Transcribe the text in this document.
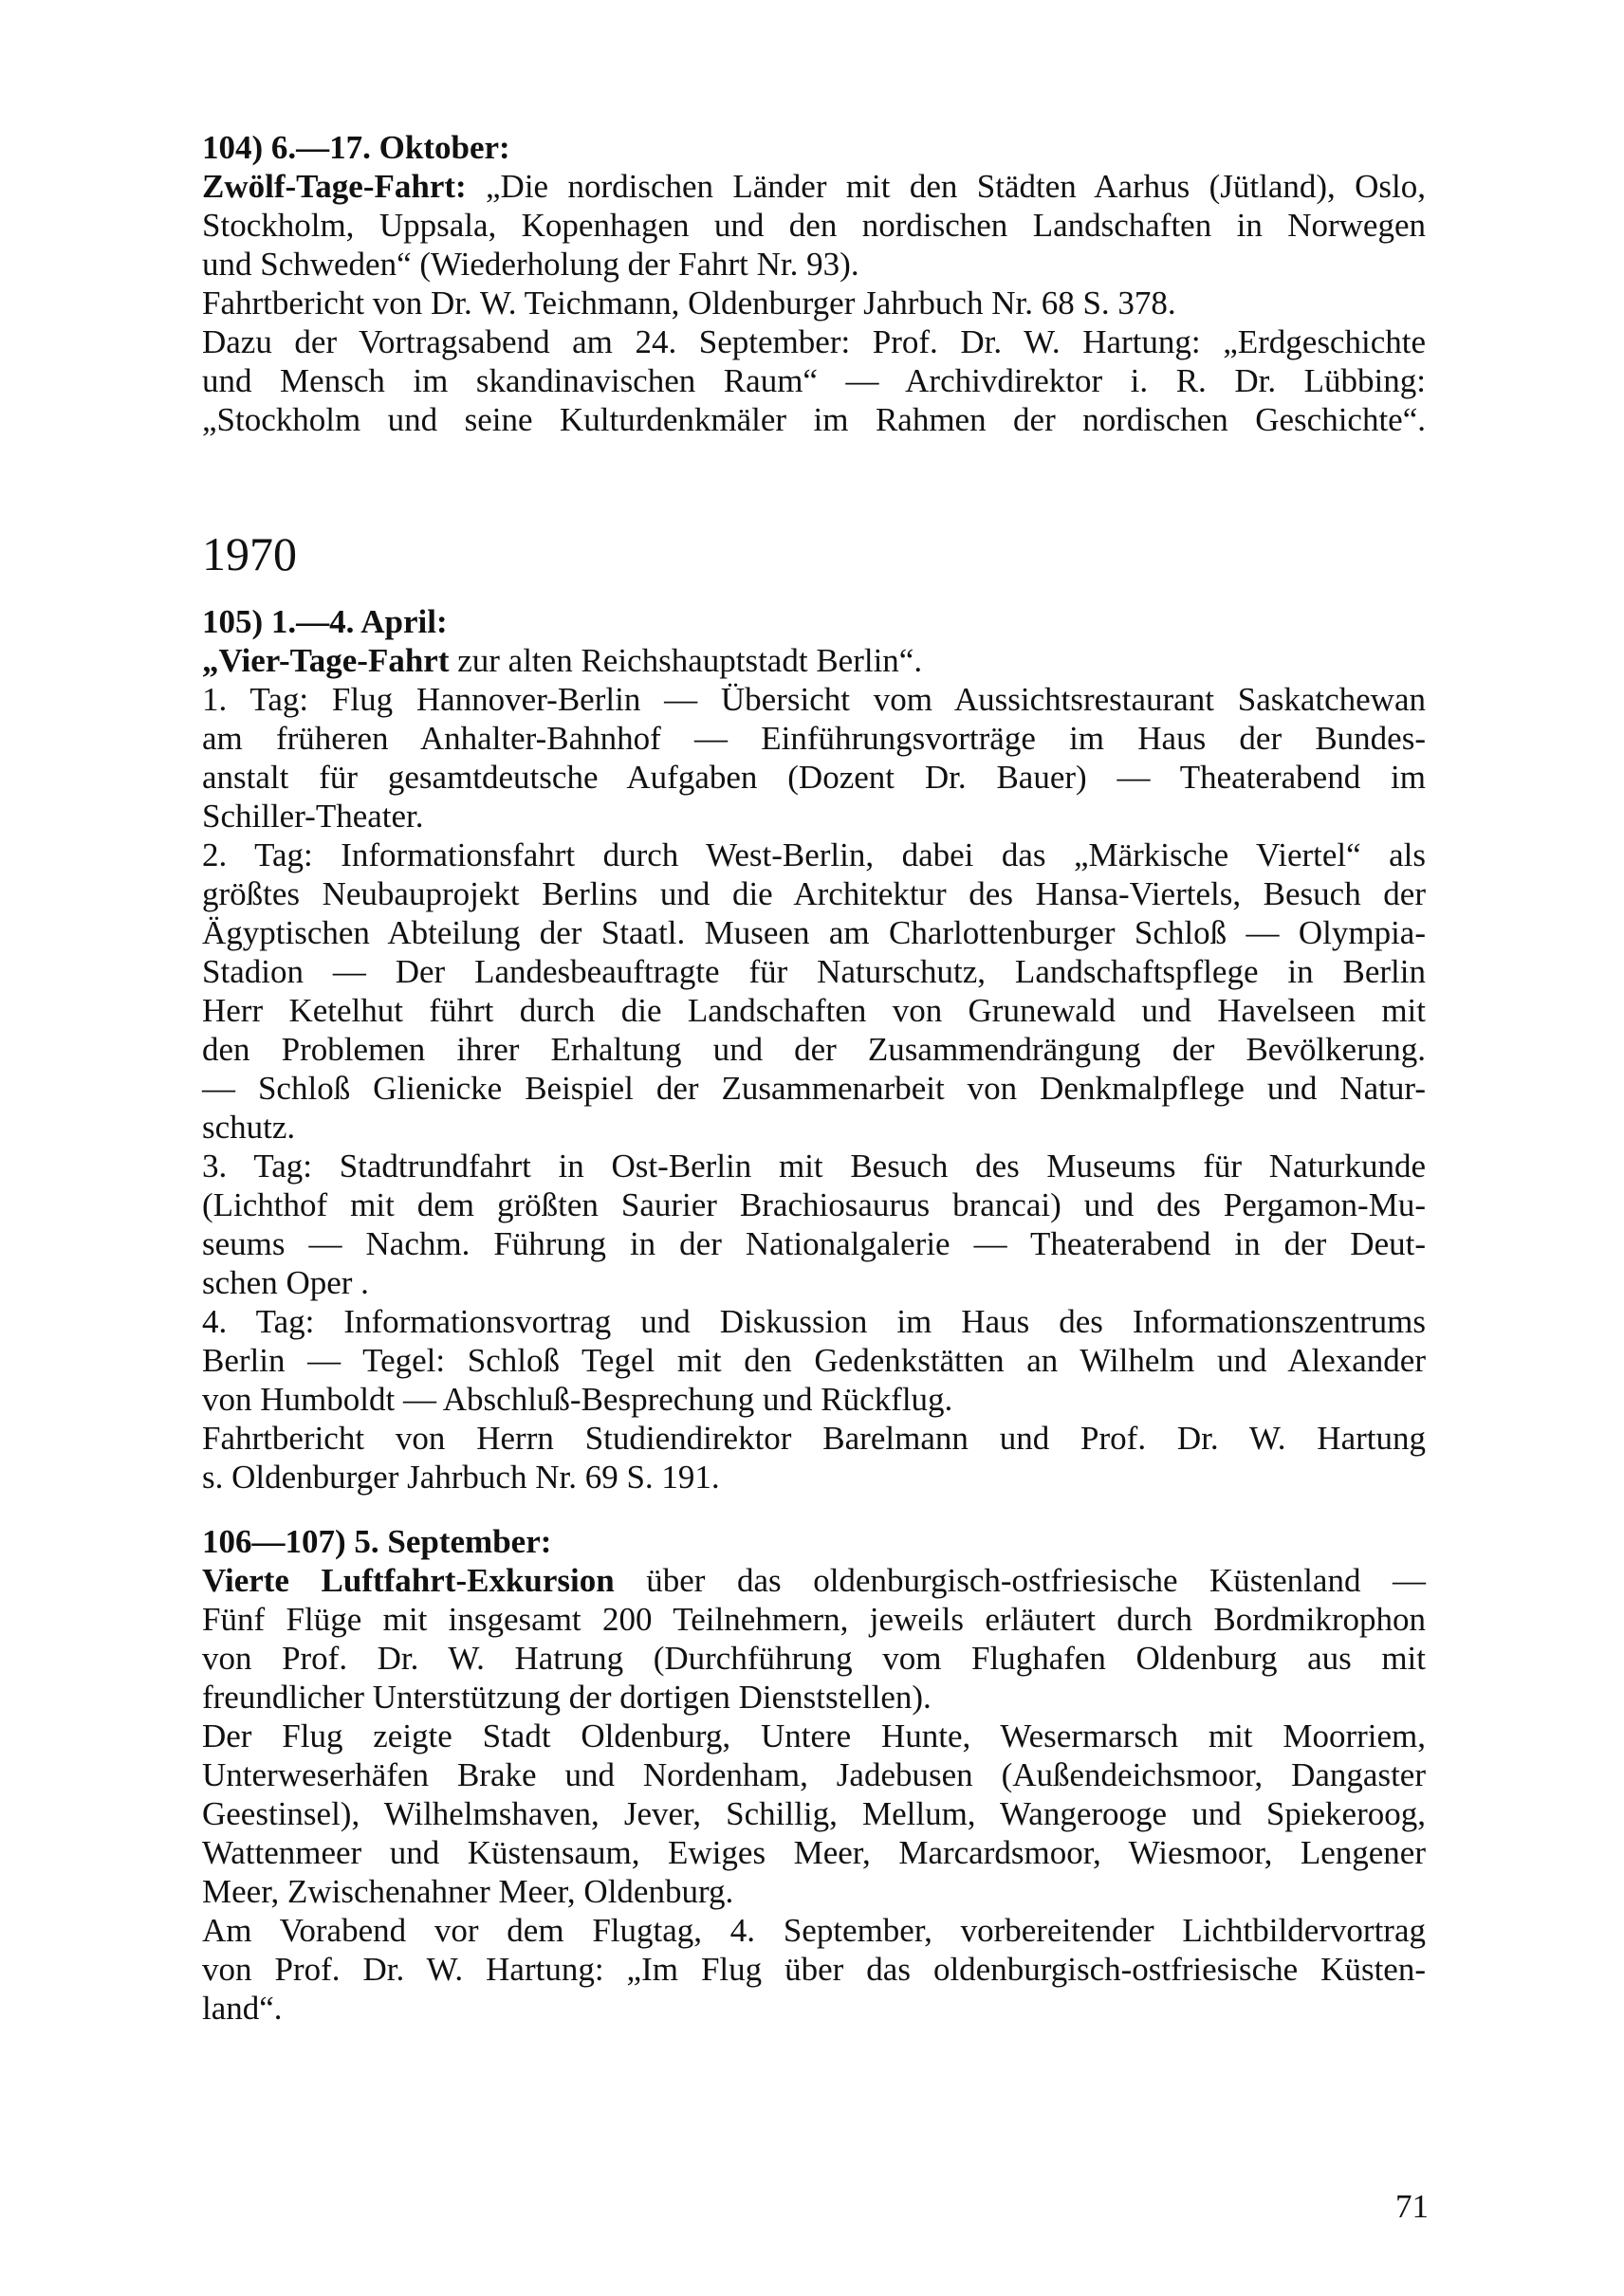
104) 6.—17. Oktober:
Zwölf-Tage-Fahrt: „Die nordischen Länder mit den Städten Aarhus (Jütland), Oslo,
Stockholm, Uppsala, Kopenhagen und den nordischen Landschaften in Norwegen
und Schweden“ (Wiederholung der Fahrt Nr. 93).
Fahrtbericht von Dr. W. Teichmann, Oldenburger Jahrbuch Nr. 68 S. 378.
Dazu der Vortragsabend am 24. September: Prof. Dr. W. Hartung: „Erdgeschichte
und Mensch im skandinavischen Raum“ — Archivdirektor i. R. Dr. Lübbing:
„Stockholm und seine Kulturdenkmäler im Rahmen der nordischen Geschichte“.
1970
105) 1.—4. April:
„Vier-Tage-Fahrt zur alten Reichshauptstadt Berlin“.
1. Tag: Flug Hannover-Berlin — Übersicht vom Aussichtsrestaurant Saskatchewan
am früheren Anhalter-Bahnhof — Einführungsvorträge im Haus der Bundes-
anstalt für gesamtdeutsche Aufgaben (Dozent Dr. Bauer) — Theaterabend im
Schiller-Theater.
2. Tag: Informationsfahrt durch West-Berlin, dabei das „Märkische Viertel“ als
größtes Neubauprojekt Berlins und die Architektur des Hansa-Viertels, Besuch der
Ägyptischen Abteilung der Staatl. Museen am Charlottenburger Schloß — Olympia-
Stadion — Der Landesbeauftragte für Naturschutz, Landschaftspflege in Berlin
Herr Ketelhut führt durch die Landschaften von Grunewald und Havelseen mit
den Problemen ihrer Erhaltung und der Zusammendrängung der Bevölkerung.
— Schloß Glienicke Beispiel der Zusammenarbeit von Denkmalpflege und Natur-
schutz.
3. Tag: Stadtrundfahrt in Ost-Berlin mit Besuch des Museums für Naturkunde
(Lichthof mit dem größten Saurier Brachiosaurus brancai) und des Pergamon-Mu-
seums — Nachm. Führung in der Nationalgalerie — Theaterabend in der Deut-
schen Oper .
4. Tag: Informationsvortrag und Diskussion im Haus des Informationszentrums
Berlin — Tegel: Schloß Tegel mit den Gedenkstätten an Wilhelm und Alexander
von Humboldt — Abschluß-Besprechung und Rückflug.
Fahrtbericht von Herrn Studiendirektor Barelmann und Prof. Dr. W. Hartung
s. Oldenburger Jahrbuch Nr. 69 S. 191.
106—107) 5. September:
Vierte Luftfahrt-Exkursion über das oldenburgisch-ostfriesische Küstenland —
Fünf Flüge mit insgesamt 200 Teilnehmern, jeweils erläutert durch Bordmikrophon
von Prof. Dr. W. Hatrung (Durchführung vom Flughafen Oldenburg aus mit
freundlicher Unterstützung der dortigen Dienststellen).
Der Flug zeigte Stadt Oldenburg, Untere Hunte, Wesermarsch mit Moorriem,
Unterweserhäfen Brake und Nordenham, Jadebusen (Außendeichsmoor, Dangaster
Geestinsel), Wilhelmshaven, Jever, Schillig, Mellum, Wangerooge und Spiekeroog,
Wattenmeer und Küstensaum, Ewiges Meer, Marcardsmoor, Wiesmoor, Lengener
Meer, Zwischenahner Meer, Oldenburg.
Am Vorabend vor dem Flugtag, 4. September, vorbereitender Lichtbildervortrag
von Prof. Dr. W. Hartung: „Im Flug über das oldenburgisch-ostfriesische Küsten-
land“.
71
